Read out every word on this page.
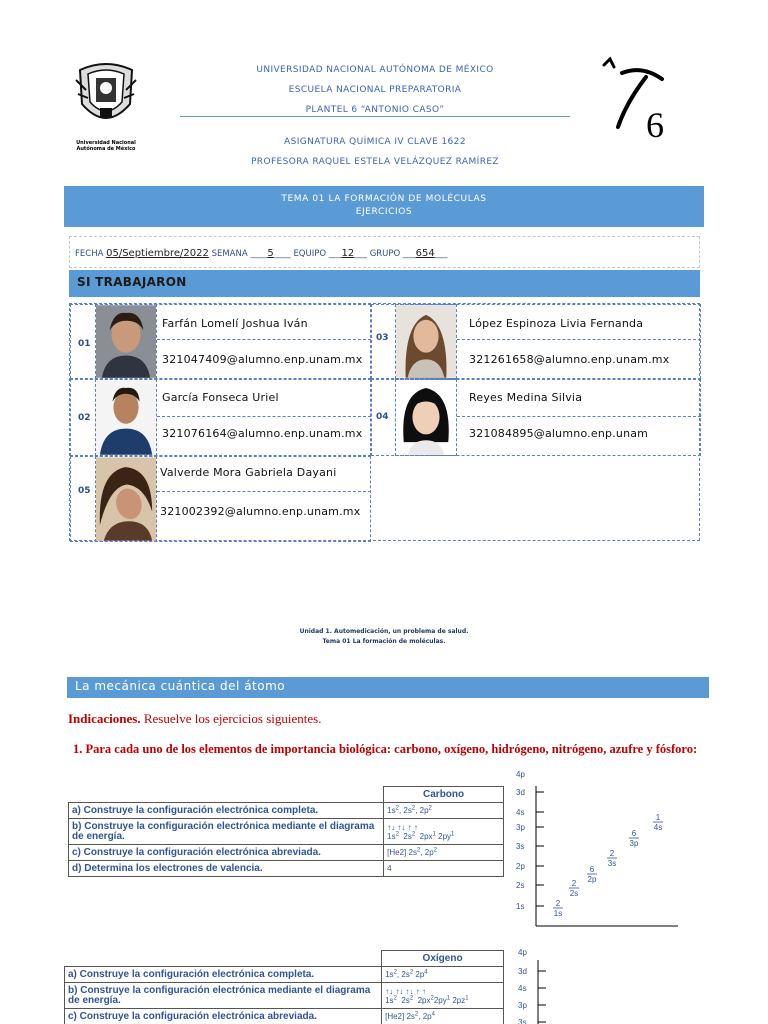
Universidad Nacional
Autónoma de México
UNIVERSIDAD NACIONAL AUTÓNOMA DE MÉXICO
ESCUELA NACIONAL PREPARATORIA
PLANTEL 6 “ANTONIO CASO”
ASIGNATURA QUÍMICA IV CLAVE 1622
PROFESORA RAQUEL ESTELA VELÁZQUEZ RAMÍREZ
6
TEMA 01 LA FORMACIÓN DE MOLÉCULAS
EJERCICIOS
FECHA 05/Septiembre/2022 SEMANA ____5____ EQUIPO ___12___ GRUPO ___654___
SI TRABAJARON
01
Farfán Lomelí Joshua Iván
321047409@alumno.enp.unam.mx
03
López Espinoza Livia Fernanda
321261658@alumno.enp.unam.mx
02
García Fonseca Uriel
321076164@alumno.enp.unam.mx
04
Reyes Medina Silvia
321084895@alumno.enp.unam
05
Valverde Mora Gabriela Dayani
321002392@alumno.enp.unam.mx
Unidad 1. Automedicación, un problema de salud.
Tema 01 La formación de moléculas.
La mecánica cuántica del átomo
Indicaciones. Resuelve los ejercicios siguientes.
1. Para cada uno de los elementos de importancia biológica: carbono, oxígeno, hidrógeno, nitrógeno, azufre y fósforo:
	Carbono
a) Construye la configuración electrónica completa.	$1s^2$, $2s^2$, $2p^2$
b) Construye la configuración electrónica mediante el diagrama de energía.	↑↓ ↑↓ ↑ ↑
$1s^2$  $2s^2$  $2px^1$ $2py^1$

c) Construye la configuración electrónica abreviada.	[He2] $2s^2$, $2p^2$
d) Determina los electrones de valencia.	4
4p
3d
4s
3p
3s
2p
2s
1s	2
1s
2
2s
6
2p
2
3s
6
3p
1
4s
	Oxígeno
a) Construye la configuración electrónica completa.	$1s^2$, $2s^2$ $2p^4$
b) Construye la configuración electrónica mediante el diagrama de energía.	↑↓ ↑↓ ↑↓ ↑ ↑
$1s^2$  $2s^2$  $2px^22py^1$ $2pz^1$

c) Construye la configuración electrónica abreviada.	[He2] $2s^2$, $2p^4$
4p
3d
4s
3p
3s
